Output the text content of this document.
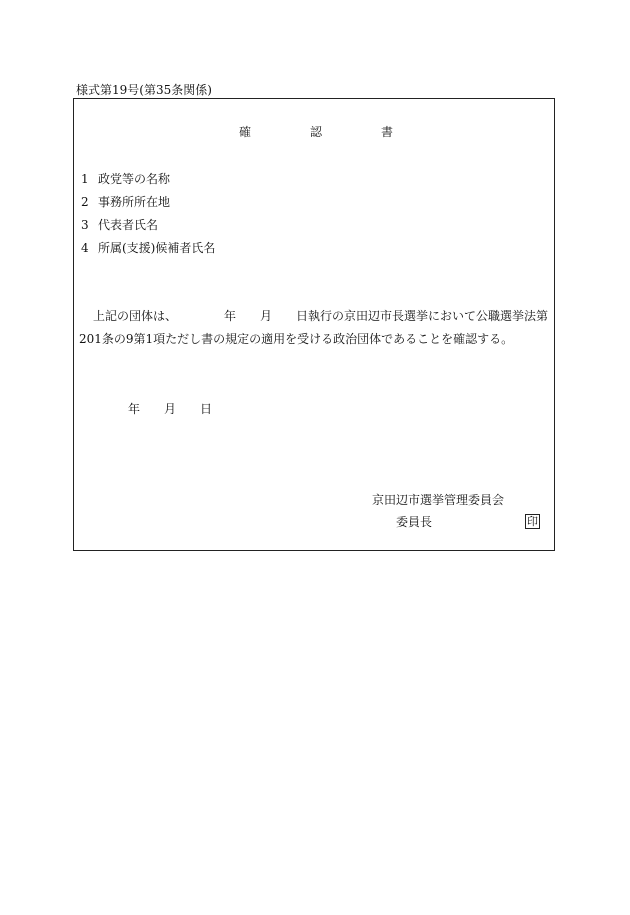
様式第19号(第35条関係)
確	認	書
1 政党等の名称
2 事務所所在地
3 代表者氏名
4 所属(支援)候補者氏名
上記の団体は、	年 月 日執行の京田辺市長選挙において公職選挙法第
201条の9第1項ただし書の規定の適用を受ける政治団体であることを確認する。
年 月 日
京田辺市選挙管理委員会
委員長	印
